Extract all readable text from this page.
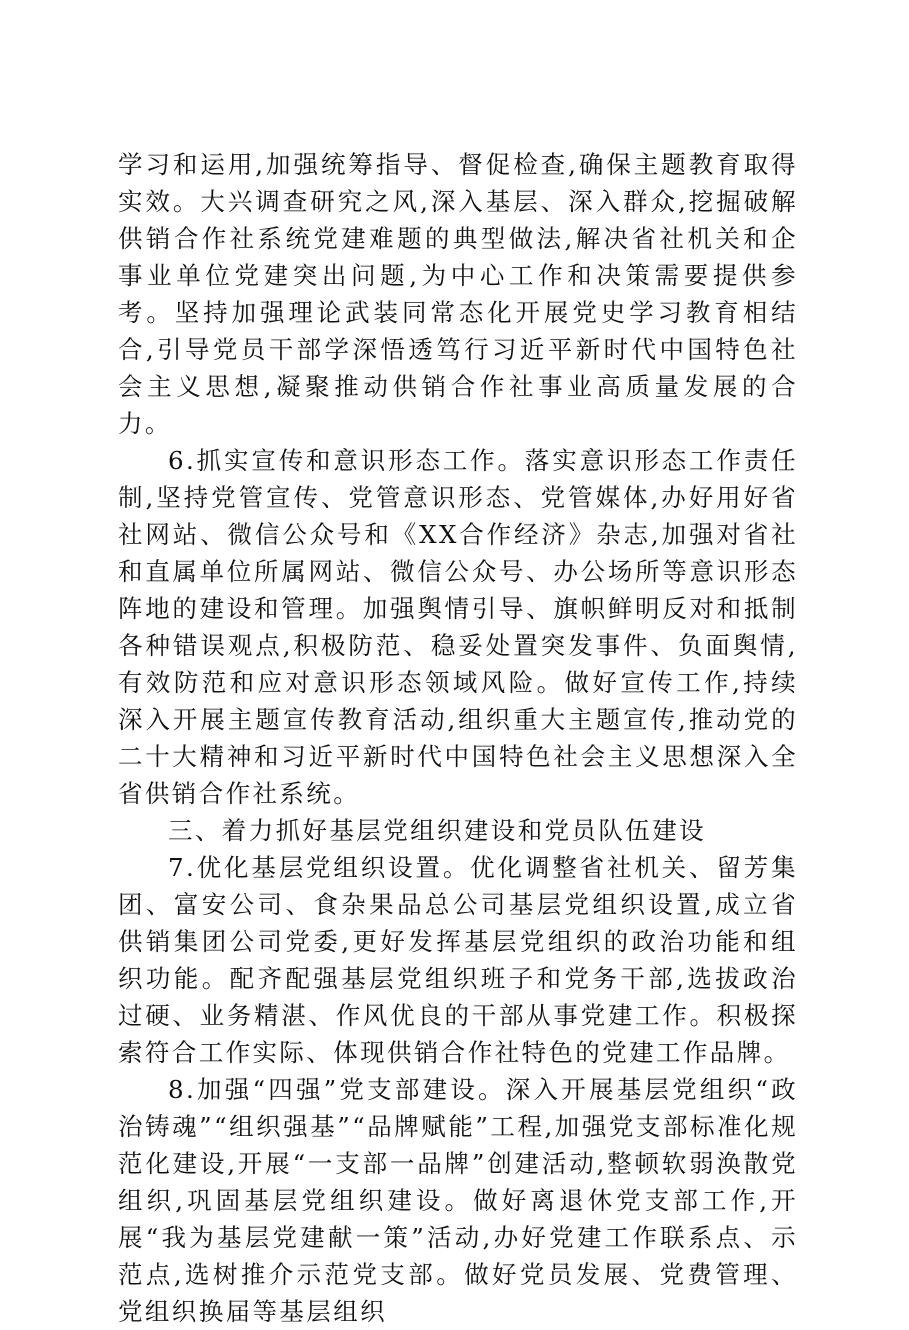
学习和运用,加强统筹指导、督促检查,确保主题教育取得实效。大兴调查研究之风,深入基层、深入群众,挖掘破解供销合作社系统党建难题的典型做法,解决省社机关和企事业单位党建突出问题,为中心工作和决策需要提供参考。坚持加强理论武装同常态化开展党史学习教育相结合,引导党员干部学深悟透笃行习近平新时代中国特色社会主义思想,凝聚推动供销合作社事业高质量发展的合力。

6.抓实宣传和意识形态工作。落实意识形态工作责任制,坚持党管宣传、党管意识形态、党管媒体,办好用好省社网站、微信公众号和《XX合作经济》杂志,加强对省社和直属单位所属网站、微信公众号、办公场所等意识形态阵地的建设和管理。加强舆情引导、旗帜鲜明反对和抵制各种错误观点,积极防范、稳妥处置突发事件、负面舆情,有效防范和应对意识形态领域风险。做好宣传工作,持续深入开展主题宣传教育活动,组织重大主题宣传,推动党的二十大精神和习近平新时代中国特色社会主义思想深入全省供销合作社系统。

三、着力抓好基层党组织建设和党员队伍建设

7.优化基层党组织设置。优化调整省社机关、留芳集团、富安公司、食杂果品总公司基层党组织设置,成立省供销集团公司党委,更好发挥基层党组织的政治功能和组织功能。配齐配强基层党组织班子和党务干部,选拔政治过硬、业务精湛、作风优良的干部从事党建工作。积极探索符合工作实际、体现供销合作社特色的党建工作品牌。

8.加强“四强”党支部建设。深入开展基层党组织“政治铸魂”“组织强基”“品牌赋能”工程,加强党支部标准化规范化建设,开展“一支部一品牌”创建活动,整顿软弱涣散党组织,巩固基层党组织建设。做好离退休党支部工作,开展“我为基层党建献一策”活动,办好党建工作联系点、示范点,选树推介示范党支部。做好党员发展、党费管理、党组织换届等基层组织
